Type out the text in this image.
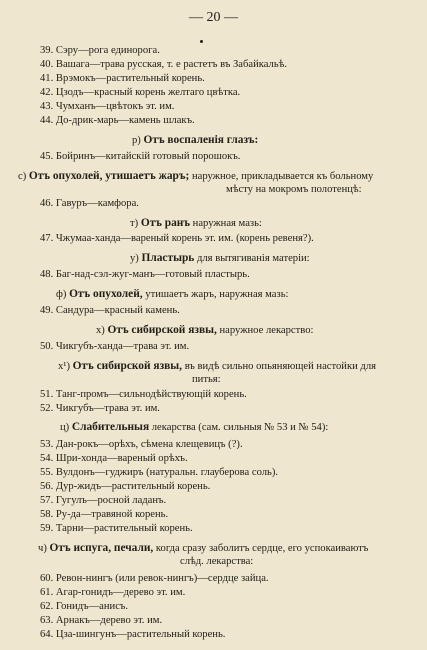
— 20 —
39. Сэру—рога единорога.
40. Вашага—трава русская, т. е растетъ въ Забайкальѣ.
41. Врэмокъ—растительный корень.
42. Цзодъ—красный корень желтаго цвѣтка.
43. Чумханъ—цвѣтокъ эт. им.
44. До-дрик-марь—камень шлакъ.
р) Отъ воспаленія глазъ:
45. Бойринъ—китайскій готовый порошокъ.
с) Отъ опухолей, утишаетъ жаръ; наружное, прикладывается къ больному
мѣсту на мокромъ полотенцѣ:
46. Гавуръ—камфора.
т) Отъ ранъ наружная мазь:
47. Чжумаа-ханда—вареный корень эт. им. (корень ревеня?).
у) Пластырь для вытягиванія матеріи:
48. Баг-над-сэл-жуг-манъ—готовый пластырь.
ф) Отъ опухолей, утишаетъ жаръ, наружная мазь:
49. Сандура—красный камень.
х) Отъ сибирской язвы, наружное лекарство:
50. Чикгубъ-ханда—трава эт. им.
х¹) Отъ сибирской язвы, въ видѣ сильно опьяняющей настойки для
питья:
51. Танг-промъ—сильнодѣйствующій корень.
52. Чикгубъ—трава эт. им.
ц) Слабительныя лекарства (сам. сильныя № 53 и № 54):
53. Дан-рокъ—орѣхъ, сѣмена клещевицъ (?).
54. Шри-хонда—вареный орѣхъ.
55. Вулдонъ—гуджиръ (натуральн. глауберова соль).
56. Дур-жидъ—растительный корень.
57. Гугулъ—росной ладанъ.
58. Ру-да—травяной корень.
59. Тарни—растительный корень.
ч) Отъ испуга, печали, когда сразу заболитъ сердце, его успокаиваютъ
слѣд. лекарства:
60. Ревон-нингъ (или ревок-нингъ)—сердце зайца.
61. Агар-гонидъ—дерево эт. им.
62. Гонидъ—анисъ.
63. Арнакъ—дерево эт. им.
64. Цза-шингунъ—растительный корень.
